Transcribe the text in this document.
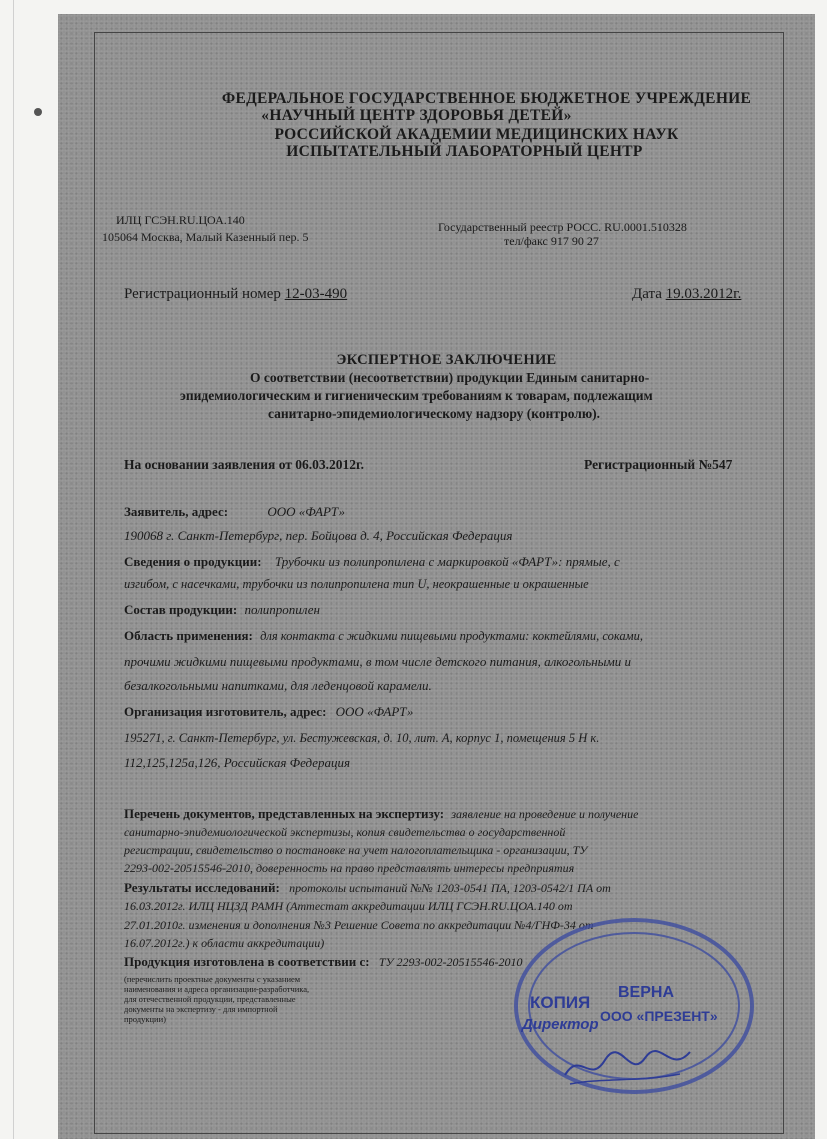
ФЕДЕРАЛЬНОЕ ГОСУДАРСТВЕННОЕ БЮДЖЕТНОЕ УЧРЕЖДЕНИЕ
«НАУЧНЫЙ ЦЕНТР ЗДОРОВЬЯ ДЕТЕЙ»
РОССИЙСКОЙ АКАДЕМИИ МЕДИЦИНСКИХ НАУК
ИСПЫТАТЕЛЬНЫЙ ЛАБОРАТОРНЫЙ ЦЕНТР
ИЛЦ ГСЭН.RU.ЦОА.140
105064 Москва, Малый Казенный пер. 5
Государственный реестр РОСС. RU.0001.510328
тел/факс 917 90 27
Регистрационный номер 12-03-490	Дата 19.03.2012г.
ЭКСПЕРТНОЕ ЗАКЛЮЧЕНИЕ
О соответствии (несоответствии) продукции Единым санитарно-
эпидемиологическим и гигиеническим требованиям к товарам, подлежащим
санитарно-эпидемиологическому надзору (контролю).
На основании заявления от 06.03.2012г.	Регистрационный №547
Заявитель, адрес:	ООО «ФАРТ»
190068 г. Санкт-Петербург, пер. Бойцова д. 4, Российская Федерация
Сведения о продукции: Трубочки из полипропилена с маркировкой «ФАРТ»: прямые, с
изгибом, с насечками, трубочки из полипропилена тип U, неокрашенные и окрашенные
Состав продукции: полипропилен
Область применения: для контакта с жидкими пищевыми продуктами: коктейлями, соками,
прочими жидкими пищевыми продуктами, в том числе детского питания, алкогольными и
безалкогольными напитками, для леденцовой карамели.
Организация изготовитель, адрес: ООО «ФАРТ»
195271, г. Санкт-Петербург, ул. Бестужевская, д. 10, лит. А, корпус 1, помещения 5 Н к.
112,125,125а,126, Российская Федерация
Перечень документов, представленных на экспертизу: заявление на проведение и получение
санитарно-эпидемиологической экспертизы, копия свидетельства о государственной
регистрации, свидетельство о постановке на учет налогоплательщика - организации, ТУ
2293-002-20515546-2010, доверенность на право представлять интересы предприятия
Результаты исследований: протоколы испытаний №№ 1203-0541 ПА, 1203-0542/1 ПА от
16.03.2012г. ИЛЦ НЦЗД РАМН (Аттестат аккредитации ИЛЦ ГСЭН.RU.ЦОА.140 от
27.01.2010г. изменения и дополнения №3 Решение Совета по аккредитации №4/ГНФ-34 от
16.07.2012г.) к области аккредитации)
Продукция изготовлена в соответствии с: ТУ 2293-002-20515546-2010
(перечислить проектные документы с указанием
наименования и адреса организации-разработчика,
для отечественной продукции, представленные
документы на экспертизу - для импортной
продукции)
КОПИЯ
ВЕРНА
Директор ООО «ПРЕЗЕНТ»
